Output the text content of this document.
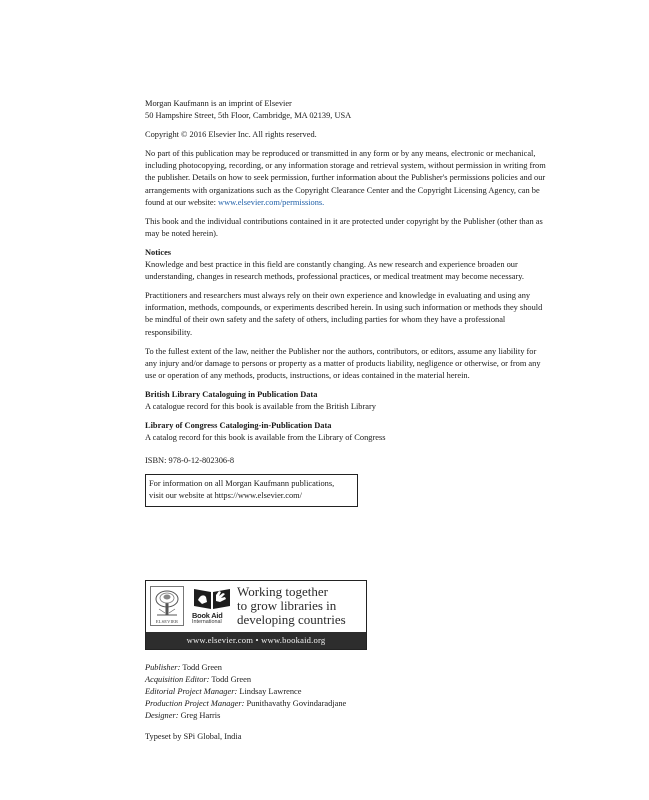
Morgan Kaufmann is an imprint of Elsevier

50 Hampshire Street, 5th Floor, Cambridge, MA 02139, USA

Copyright © 2016 Elsevier Inc. All rights reserved.

No part of this publication may be reproduced or transmitted in any form or by any means, electronic or mechanical, including photocopying, recording, or any information storage and retrieval system, without permission in writing from the publisher. Details on how to seek permission, further information about the Publisher's permissions policies and our arrangements with organizations such as the Copyright Clearance Center and the Copyright Licensing Agency, can be found at our website: www.elsevier.com/permissions.

This book and the individual contributions contained in it are protected under copyright by the Publisher (other than as may be noted herein).

Notices

Knowledge and best practice in this field are constantly changing. As new research and experience broaden our understanding, changes in research methods, professional practices, or medical treatment may become necessary.

Practitioners and researchers must always rely on their own experience and knowledge in evaluating and using any information, methods, compounds, or experiments described herein. In using such information or methods they should be mindful of their own safety and the safety of others, including parties for whom they have a professional responsibility.

To the fullest extent of the law, neither the Publisher nor the authors, contributors, or editors, assume any liability for any injury and/or damage to persons or property as a matter of products liability, negligence or otherwise, or from any use or operation of any methods, products, instructions, or ideas contained in the material herein.

British Library Cataloguing in Publication Data

A catalogue record for this book is available from the British Library

Library of Congress Cataloging-in-Publication Data

A catalog record for this book is available from the Library of Congress

ISBN: 978-0-12-802306-8

For information on all Morgan Kaufmann publications,

visit our website at https://www.elsevier.com/

ELSEVIER
Book Aid
International
Working together
to grow libraries in
developing countries
www.elsevier.com • www.bookaid.org

Publisher: Todd Green

Acquisition Editor: Todd Green

Editorial Project Manager: Lindsay Lawrence

Production Project Manager: Punithavathy Govindaradjane

Designer: Greg Harris

Typeset by SPi Global, India
